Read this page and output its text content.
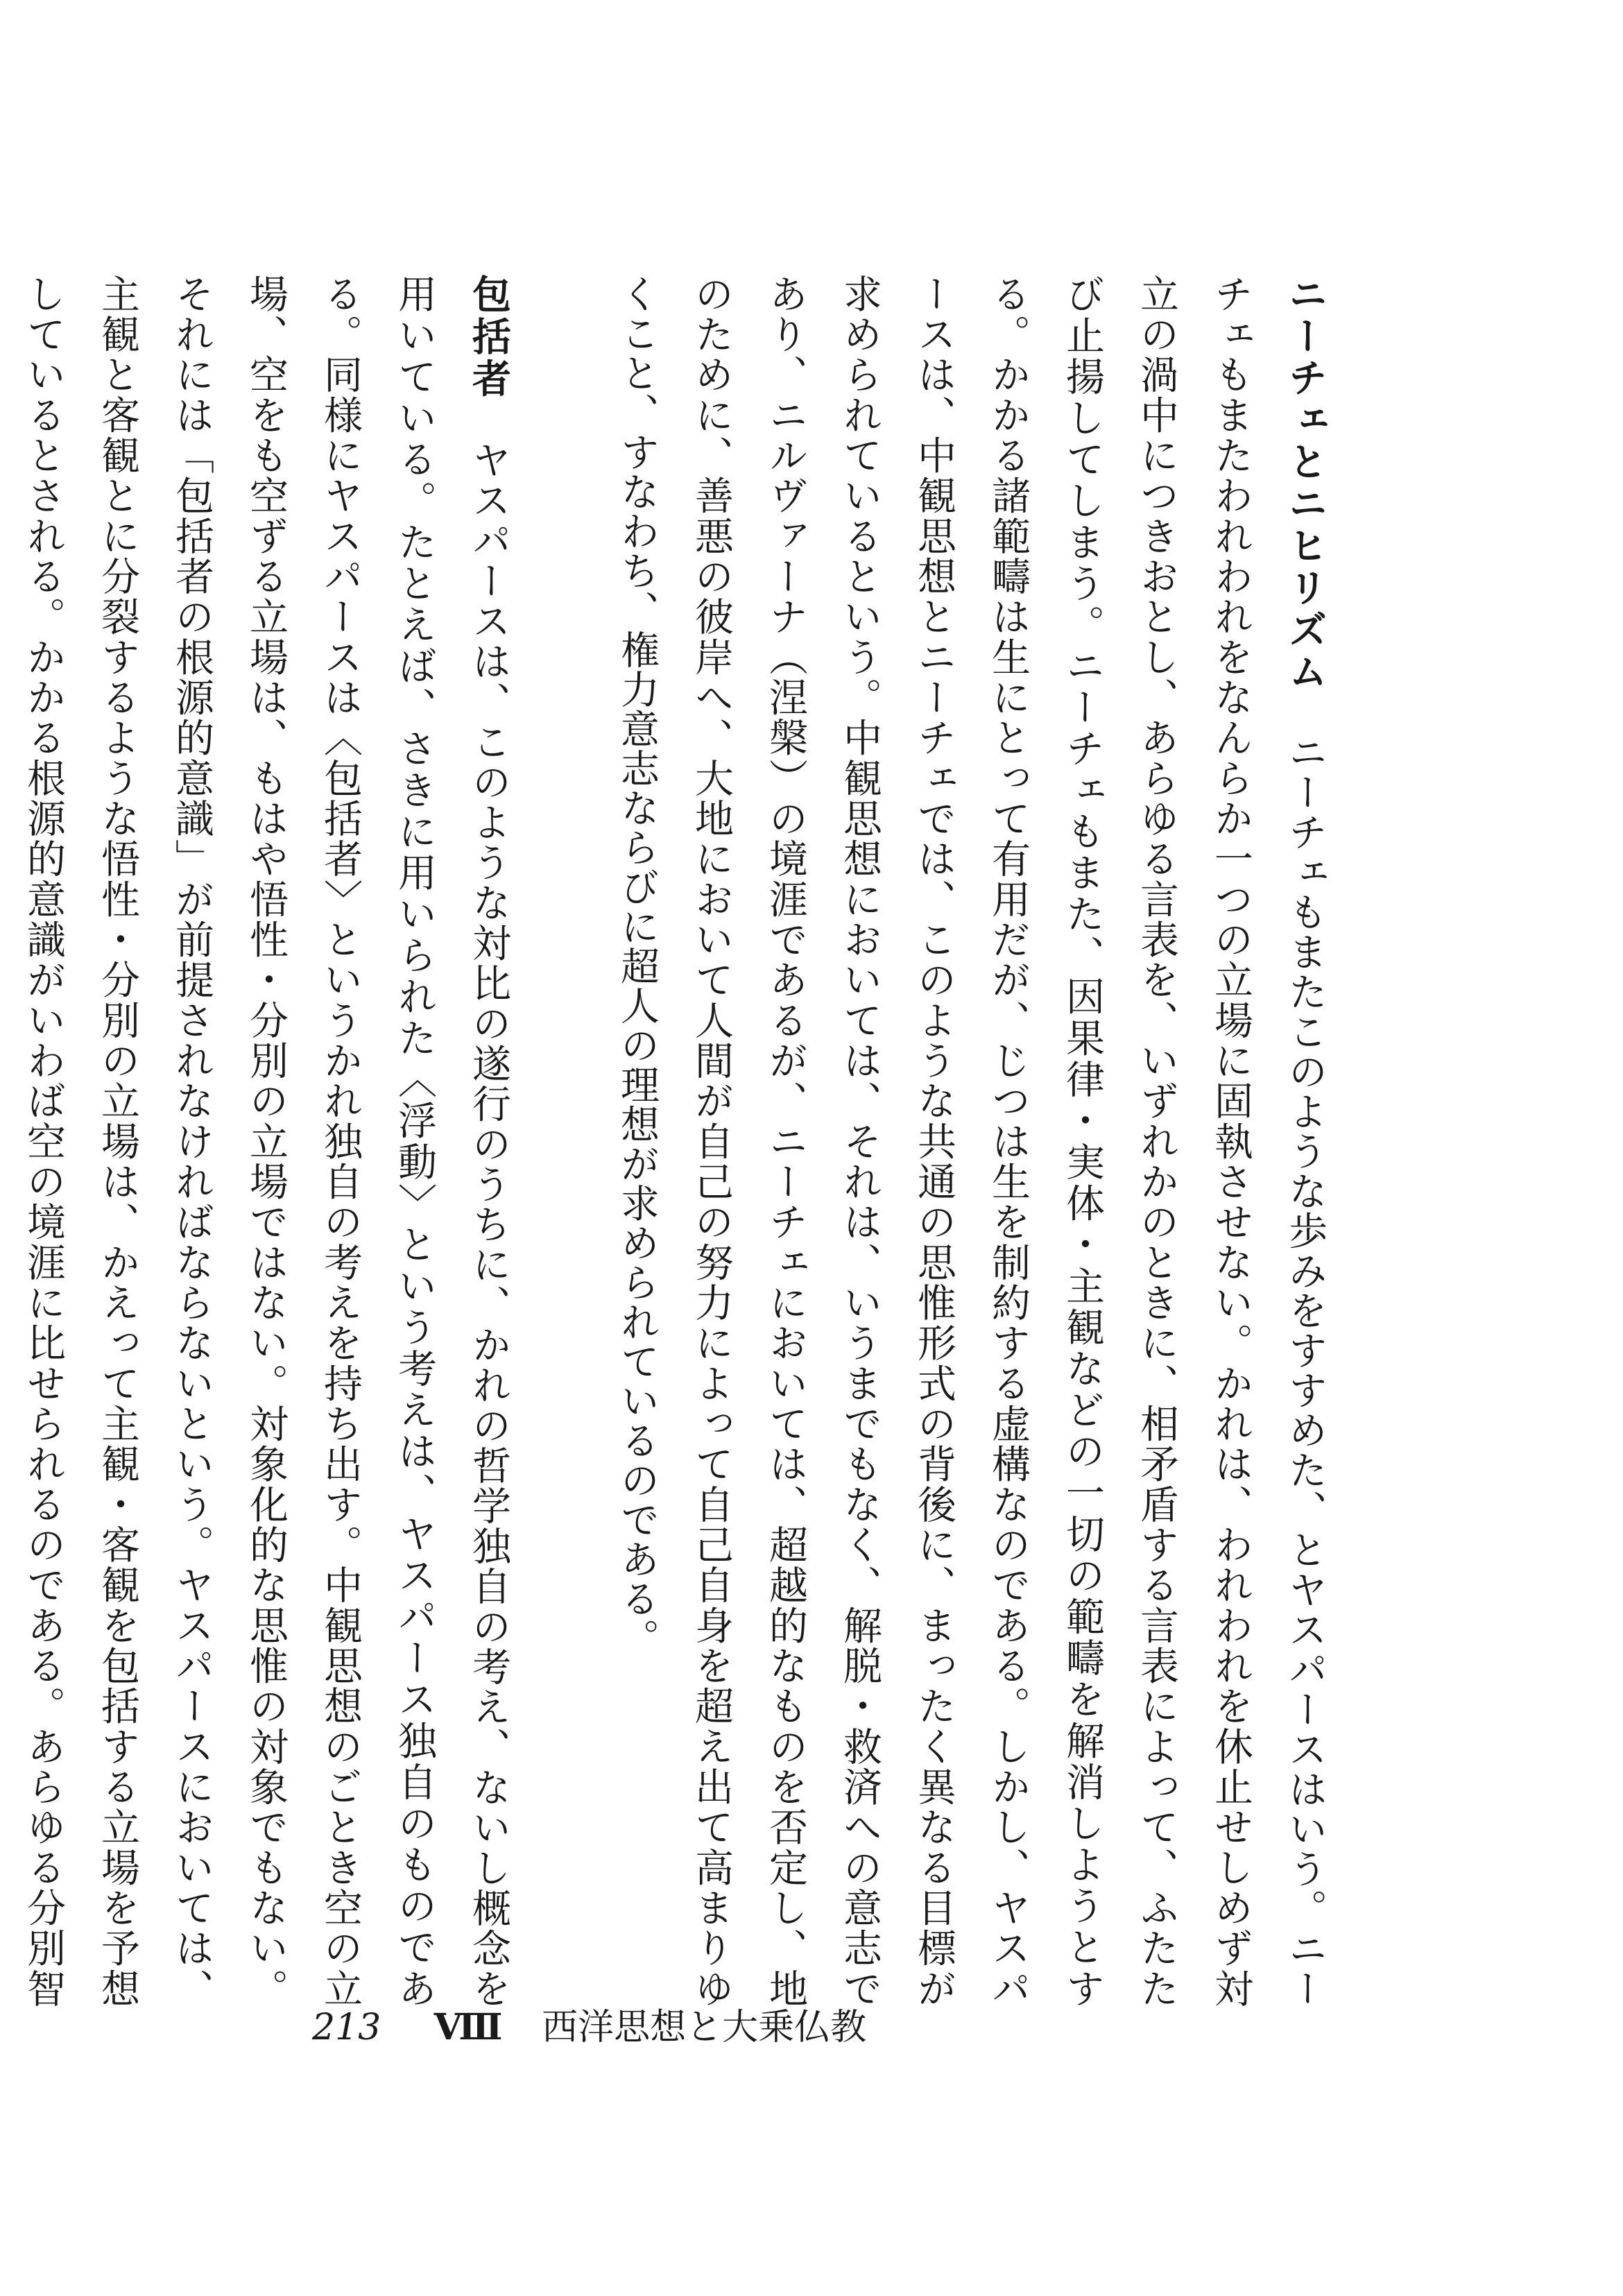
ニーチェとニヒリズムニーチェもまたこのような歩みをすすめた、とヤスパースはいう。ニーチェもまたわれわれをなんらか一つの立場に固執させない。かれは、われわれを休止せしめず対立の渦中につきおとし、あらゆる言表を、いずれかのときに、相矛盾する言表によって、ふたたび止揚してしまう。ニーチェもまた、因果律・実体・主観などの一切の範疇を解消しようとする。かかる諸範疇は生にとって有用だが、じつは生を制約する虚構なのである。しかし、ヤスパースは、中観思想とニーチェでは、このような共通の思惟形式の背後に、まったく異なる目標が求められているという。中観思想においては、それは、いうまでもなく、解脱・救済への意志であり、ニルヴァーナ（涅槃）の境涯であるが、ニーチェにおいては、超越的なものを否定し、地のために、善悪の彼岸へ、大地において人間が自己の努力によって自己自身を超え出て高まりゆくこと、すなわち、権力意志ならびに超人の理想が求められているのである。

包括者ヤスパースは、このような対比の遂行のうちに、かれの哲学独自の考え、ないし概念を用いている。たとえば、さきに用いられた〈浮動〉という考えは、ヤスパース独自のものである。同様にヤスパースは〈包括者〉というかれ独自の考えを持ち出す。中観思想のごとき空の立場、空をも空ずる立場は、もはや悟性・分別の立場ではない。対象化的な思惟の対象でもない。それには「包括者の根源的意識」が前提されなければならないという。ヤスパースにおいては、主観と客観とに分裂するような悟性・分別の立場は、かえって主観・客観を包括する立場を予想しているとされる。かかる根源的意識がいわば空の境涯に比せられるのである。あらゆる分別智

213 Ⅷ 西洋思想と大乗仏教
